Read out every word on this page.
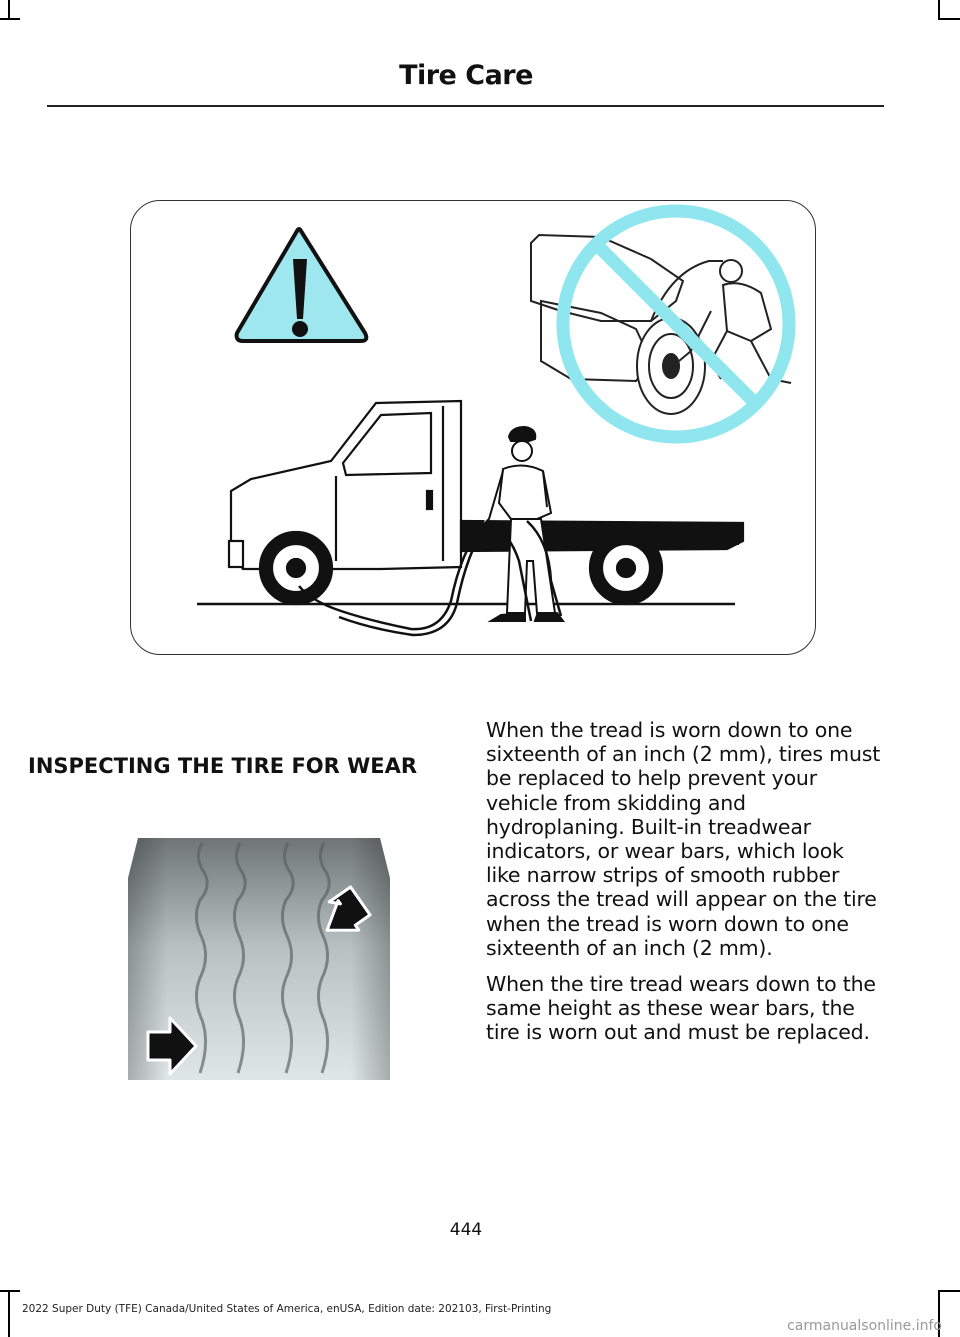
Tire Care
INSPECTING THE TIRE FOR WEAR

When the tread is worn down to one sixteenth of an inch (2 mm), tires must be replaced to help prevent your vehicle from skidding and hydroplaning. Built-in treadwear indicators, or wear bars, which look like narrow strips of smooth rubber across the tread will appear on the tire when the tread is worn down to one sixteenth of an inch (2 mm).

When the tire tread wears down to the same height as these wear bars, the tire is worn out and must be replaced.

444
2022 Super Duty (TFE) Canada/United States of America, enUSA, Edition date: 202103, First-Printing
carmanualsonline.info
